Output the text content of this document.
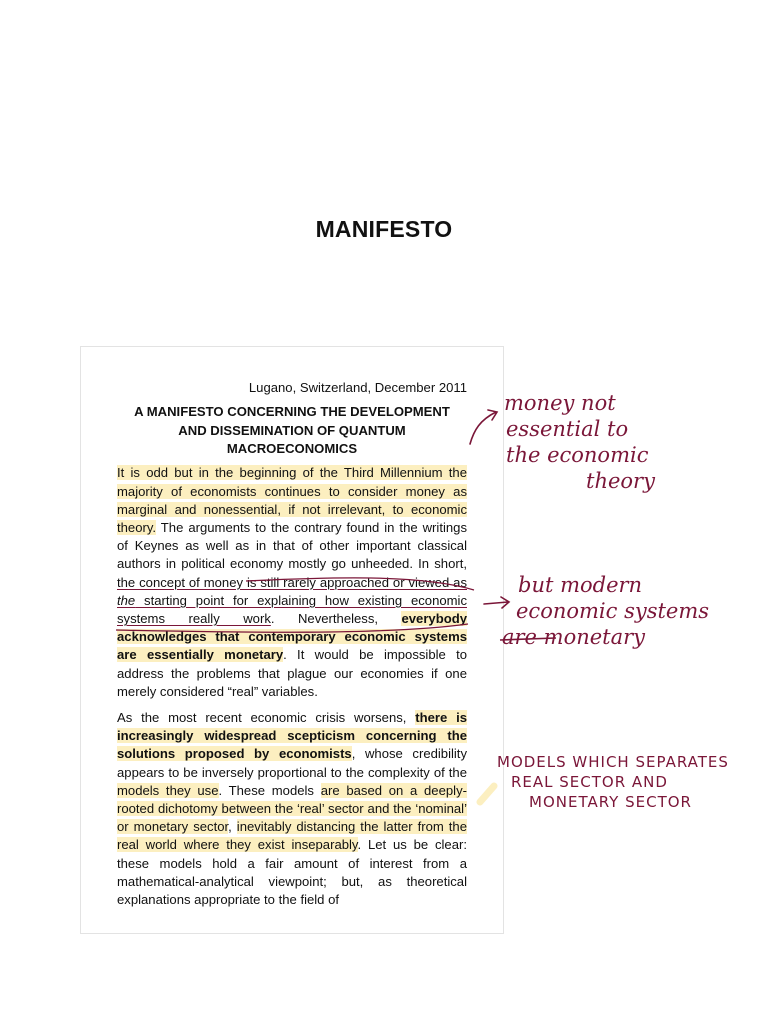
MANIFESTO
Lugano, Switzerland, December 2011
A MANIFESTO CONCERNING THE DEVELOPMENT AND DISSEMINATION OF QUANTUM MACROECONOMICS
It is odd but in the beginning of the Third Millennium the majority of economists continues to consider money as marginal and nonessential, if not irrelevant, to economic theory. The arguments to the contrary found in the writings of Keynes as well as in that of other important classical authors in political economy mostly go unheeded. In short, the concept of money is still rarely approached or viewed as the starting point for explaining how existing economic systems really work. Nevertheless, everybody acknowledges that contemporary economic systems are essentially monetary. It would be impossible to address the problems that plague our economies if one merely considered “real” variables.
As the most recent economic crisis worsens, there is increasingly widespread scepticism concerning the solutions proposed by economists, whose credibility appears to be inversely proportional to the complexity of the models they use. These models are based on a deeply-rooted dichotomy between the ‘real’ sector and the ‘nominal’ or monetary sector, inevitably distancing the latter from the real world where they exist inseparably. Let us be clear: these models hold a fair amount of interest from a mathematical-analytical viewpoint; but, as theoretical explanations appropriate to the field of
money not
essential to
the economic
theory
but modern
economic systems
are monetary
MODELS WHICH SEPARATES
REAL SECTOR AND
MONETARY SECTOR
